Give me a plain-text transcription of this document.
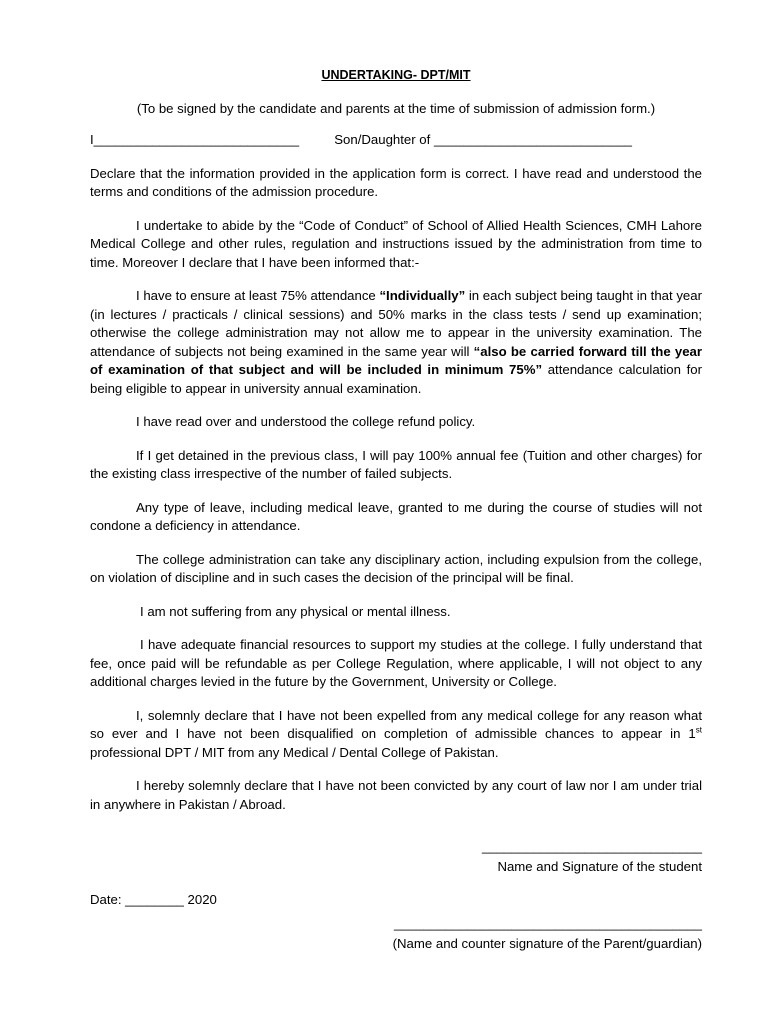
UNDERTAKING- DPT/MIT
(To be signed by the candidate and parents at the time of submission of admission form.)
I____________________________	Son/Daughter of ___________________________

Declare that the information provided in the application form is correct. I have read and understood the terms and conditions of the admission procedure.

I undertake to abide by the “Code of Conduct” of School of Allied Health Sciences, CMH Lahore Medical College and other rules, regulation and instructions issued by the administration from time to time. Moreover I declare that I have been informed that:-

I have to ensure at least 75% attendance “Individually” in each subject being taught in that year (in lectures / practicals / clinical sessions) and 50% marks in the class tests / send up examination; otherwise the college administration may not allow me to appear in the university examination. The attendance of subjects not being examined in the same year will “also be carried forward till the year of examination of that subject and will be included in minimum 75%” attendance calculation for being eligible to appear in university annual examination.

I have read over and understood the college refund policy.

If I get detained in the previous class, I will pay 100% annual fee (Tuition and other charges) for the existing class irrespective of the number of failed subjects.

Any type of leave, including medical leave, granted to me during the course of studies will not condone a deficiency in attendance.

The college administration can take any disciplinary action, including expulsion from the college, on violation of discipline and in such cases the decision of the principal will be final.

I am not suffering from any physical or mental illness.

I have adequate financial resources to support my studies at the college. I fully understand that fee, once paid will be refundable as per College Regulation, where applicable, I will not object to any additional charges levied in the future by the Government, University or College.

I, solemnly declare that I have not been expelled from any medical college for any reason what so ever and I have not been disqualified on completion of admissible chances to appear in 1st professional DPT / MIT from any Medical / Dental College of Pakistan.

I hereby solemnly declare that I have not been convicted by any court of law nor I am under trial in anywhere in Pakistan / Abroad.

______________________________
Name and Signature of the student
Date: ________ 2020
__________________________________________
(Name and counter signature of the Parent/guardian)
